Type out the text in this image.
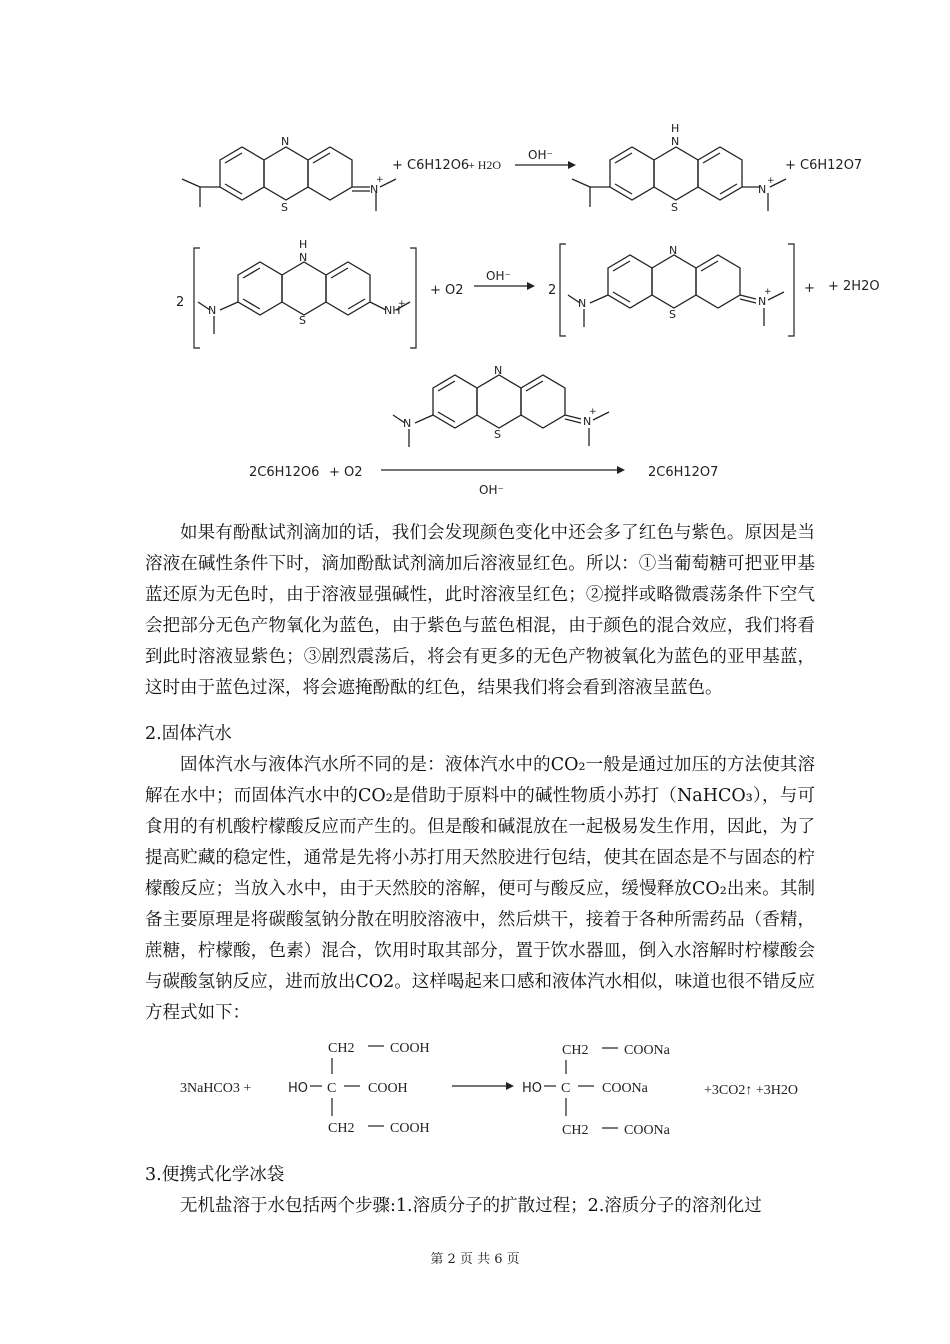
N
S
N
+
+ C6H12O6
+ H2O
OH⁻
H
N
S
N
+
+ C6H12O7
2
H
N
S
N	NH
+
+ O2
OH⁻
2
N
S
N	N
+ + + 2H2O
N
S
N	N
+
2C6H12O6 + O2	2C6H12O7
OH⁻

如果有酚酞试剂滴加的话，我们会发现颜色变化中还会多了红色与紫色。原因是当溶液在碱性条件下时，滴加酚酞试剂滴加后溶液显红色。所以：①当葡萄糖可把亚甲基蓝还原为无色时，由于溶液显强碱性，此时溶液呈红色；②搅拌或略微震荡条件下空气会把部分无色产物氧化为蓝色，由于紫色与蓝色相混，由于颜色的混合效应，我们将看到此时溶液显紫色；③剧烈震荡后，将会有更多的无色产物被氧化为蓝色的亚甲基蓝，这时由于蓝色过深，将会遮掩酚酞的红色，结果我们将会看到溶液呈蓝色。

2.固体汽水

固体汽水与液体汽水所不同的是：液体汽水中的CO₂一般是通过加压的方法使其溶解在水中；而固体汽水中的CO₂是借助于原料中的碱性物质小苏打（NaHCO₃），与可食用的有机酸柠檬酸反应而产生的。但是酸和碱混放在一起极易发生作用，因此，为了提高贮藏的稳定性，通常是先将小苏打用天然胶进行包结，使其在固态是不与固态的柠檬酸反应；当放入水中，由于天然胶的溶解，便可与酸反应，缓慢释放CO₂出来。其制备主要原理是将碳酸氢钠分散在明胶溶液中，然后烘干，接着于各种所需药品（香精，蔗糖，柠檬酸，色素）混合，饮用时取其部分，置于饮水器皿，倒入水溶解时柠檬酸会与碳酸氢钠反应，进而放出CO2。这样喝起来口感和液体汽水相似，味道也很不错反应方程式如下：

3NaHCO3 +	HO C
CH2	COOH
COOH
CH2	COOH
HO C
CH2	COONa
COONa
CH2	COONa
+3CO2↑ +3H2O
3.便携式化学冰袋

无机盐溶于水包括两个步骤:1.溶质分子的扩散过程；2.溶质分子的溶剂化过

第 2 页 共 6 页
